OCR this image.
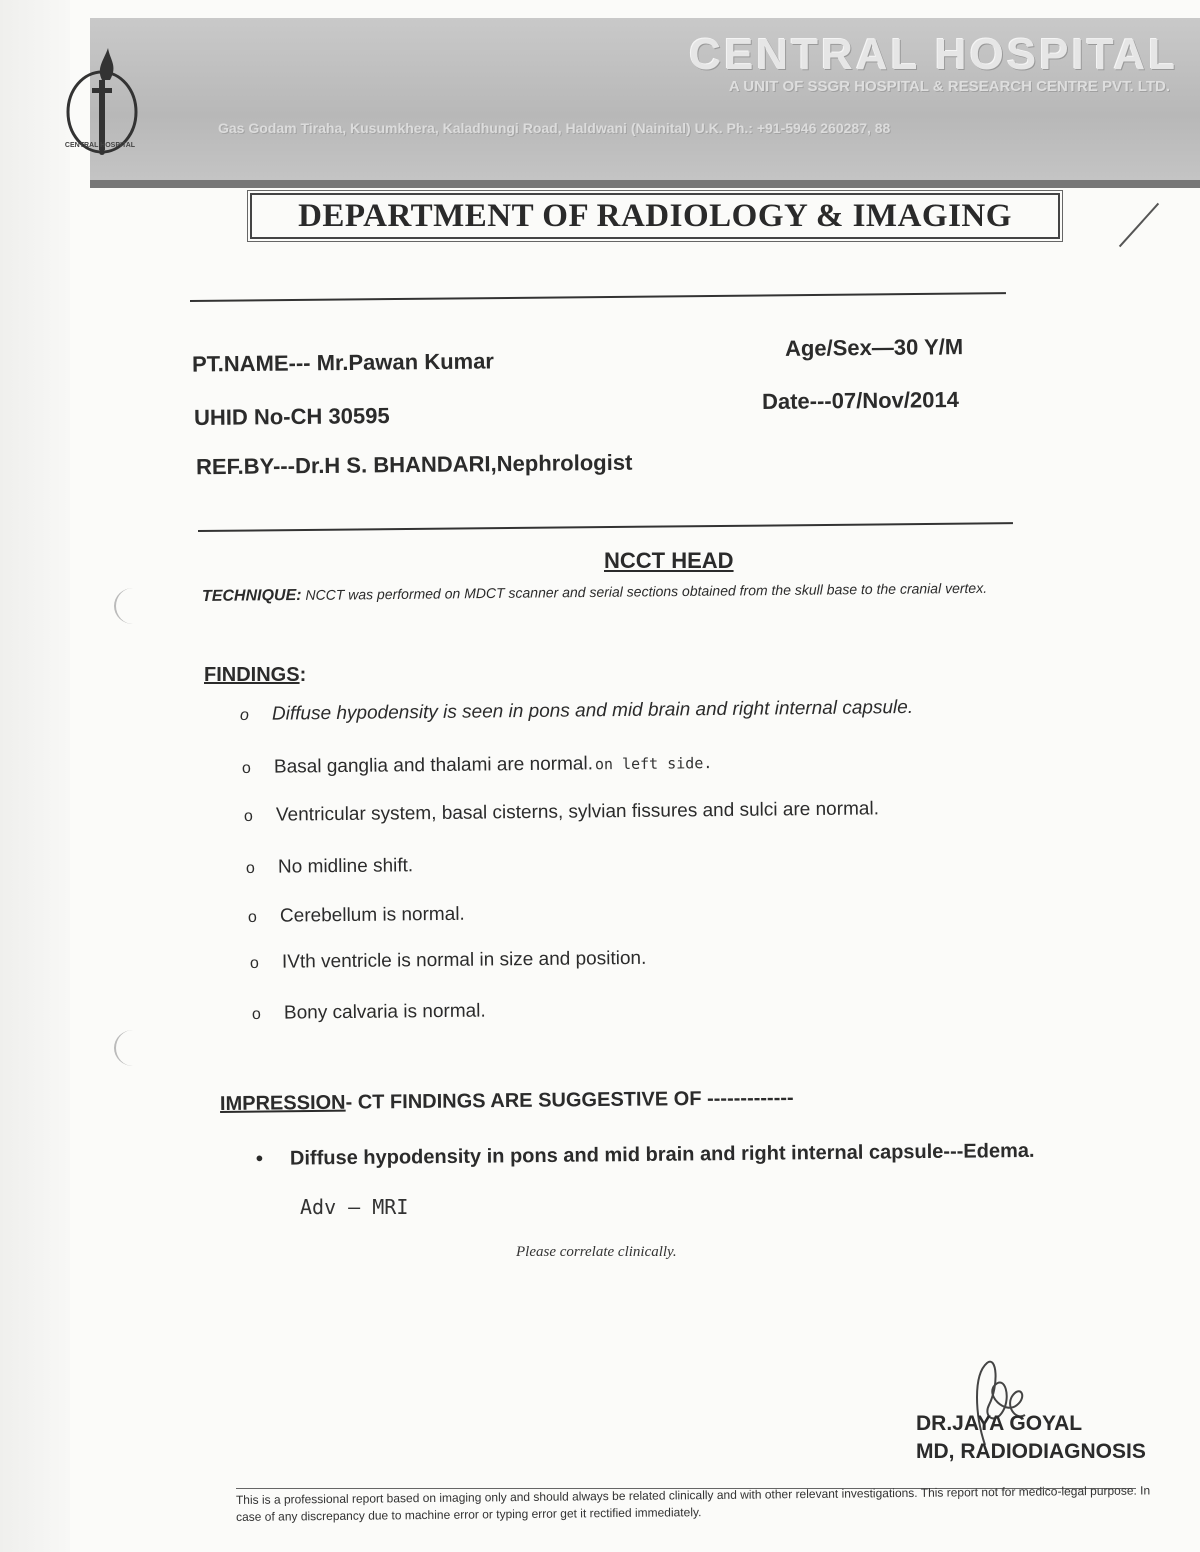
CENTRAL HOSPITAL
CENTRAL HOSPITAL
A UNIT OF SSGR HOSPITAL & RESEARCH CENTRE PVT. LTD.
Gas Godam Tiraha, Kusumkhera, Kaladhungi Road, Haldwani (Nainital) U.K. Ph.: +91-5946 260287, 88
DEPARTMENT OF RADIOLOGY & IMAGING
PT.NAME--- Mr.Pawan Kumar
UHID No-CH 30595
REF.BY---Dr.H S. BHANDARI,Nephrologist
Age/Sex—30 Y/M
Date---07/Nov/2014
NCCT HEAD
TECHNIQUE: NCCT was performed on MDCT scanner and serial sections obtained from the skull base to the cranial vertex.
FINDINGS:
o Diffuse hypodensity is seen in pons and mid brain and right internal capsule.
o Basal ganglia and thalami are normal. on left side.
o Ventricular system, basal cisterns, sylvian fissures and sulci are normal.
o No midline shift.
o Cerebellum is normal.
o IVth ventricle is normal in size and position.
o Bony calvaria is normal.
IMPRESSION- CT FINDINGS ARE SUGGESTIVE OF -------------
• Diffuse hypodensity in pons and mid brain and right internal capsule---Edema.
Adv – MRI
Please correlate clinically.
DR.JAYA GOYAL
MD, RADIODIAGNOSIS
This is a professional report based on imaging only and should always be related clinically and with other relevant investigations. This report not for medico-legal purpose. In case of any discrepancy due to machine error or typing error get it rectified immediately.
